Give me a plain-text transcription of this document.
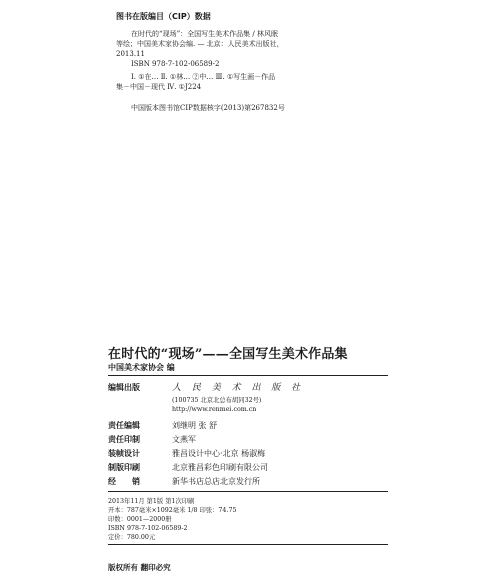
图书在版编目（CIP）数据
在时代的“现场”：全国写生美术作品集 / 林风眠
等绘；中国美术家协会编. — 北京：人民美术出版社，
2013.11
ISBN 978-7-102-06589-2
Ⅰ. ①在… Ⅱ. ①林… ②中… Ⅲ. ①写生画－作品
集－中国－现代 Ⅳ. ①J224
中国版本图书馆CIP数据核字(2013)第267832号
在时代的“现场”——全国写生美术作品集
中国美术家协会 编
编辑出版	人 民 美 术 出 版 社
(100735 北京北总布胡同32号)
http://www.renmei.com.cn
责任编辑	刘继明 张 舒
责任印制	文燕军
装帧设计	雅昌设计中心·北京 杨淑梅
制版印刷	北京雅昌彩色印刷有限公司
经　　销	新华书店总店北京发行所
2013年11月 第1版 第1次印刷
开本：787毫米×1092毫米 1/8 印张：74.75
印数：0001—2000册
ISBN 978-7-102-06589-2
定价：780.00元
版权所有 翻印必究
